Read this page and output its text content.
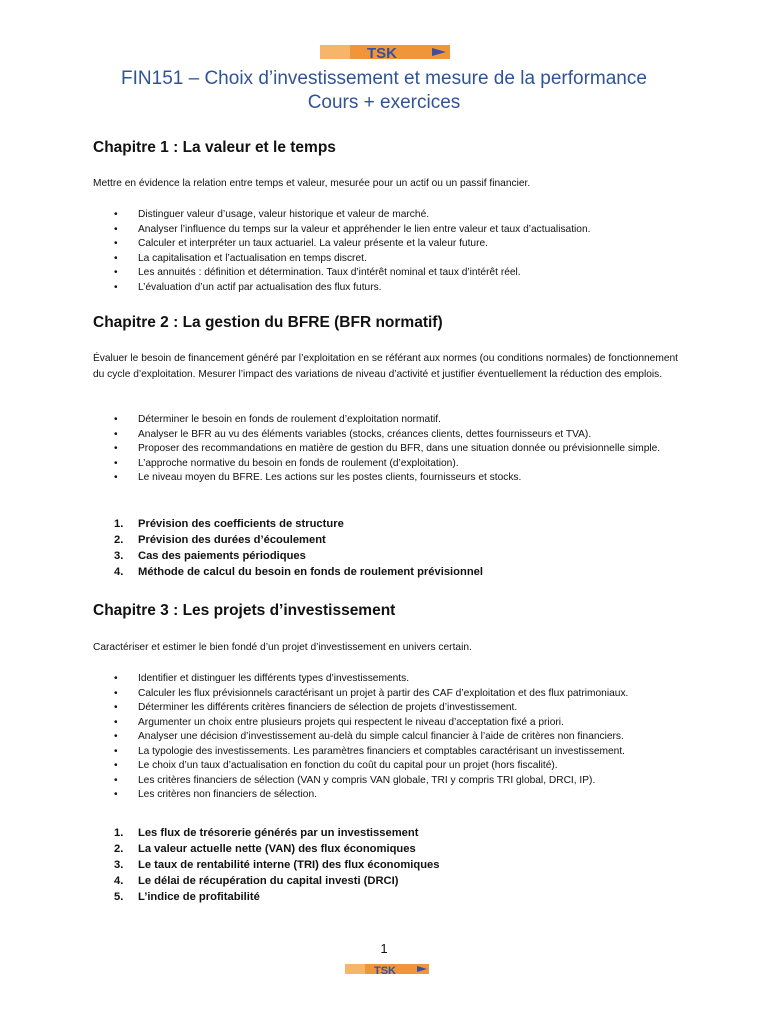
TSK
FIN151 – Choix d’investissement et mesure de la performance
Cours + exercices
Chapitre 1 : La valeur et le temps

Mettre en évidence la relation entre temps et valeur, mesurée pour un actif ou un passif financier.

• Distinguer valeur d’usage, valeur historique et valeur de marché.
• Analyser l’influence du temps sur la valeur et appréhender le lien entre valeur et taux d’actualisation.
• Calculer et interpréter un taux actuariel. La valeur présente et la valeur future.
• La capitalisation et l’actualisation en temps discret.
• Les annuités : définition et détermination. Taux d’intérêt nominal et taux d’intérêt réel.
• L’évaluation d’un actif par actualisation des flux futurs.
Chapitre 2 : La gestion du BFRE (BFR normatif)

Évaluer le besoin de financement généré par l’exploitation en se référant aux normes (ou conditions normales) de fonctionnement du cycle d’exploitation. Mesurer l’impact des variations de niveau d’activité et justifier éventuellement la réduction des emplois.

• Déterminer le besoin en fonds de roulement d’exploitation normatif.
• Analyser le BFR au vu des éléments variables (stocks, créances clients, dettes fournisseurs et TVA).
• Proposer des recommandations en matière de gestion du BFR, dans une situation donnée ou prévisionnelle simple.
• L’approche normative du besoin en fonds de roulement (d’exploitation).
• Le niveau moyen du BFRE. Les actions sur les postes clients, fournisseurs et stocks.
1. Prévision des coefficients de structure
2. Prévision des durées d’écoulement
3. Cas des paiements périodiques
4. Méthode de calcul du besoin en fonds de roulement prévisionnel
Chapitre 3 : Les projets d’investissement

Caractériser et estimer le bien fondé d’un projet d’investissement en univers certain.

• Identifier et distinguer les différents types d’investissements.
• Calculer les flux prévisionnels caractérisant un projet à partir des CAF d’exploitation et des flux patrimoniaux.
• Déterminer les différents critères financiers de sélection de projets d’investissement.
• Argumenter un choix entre plusieurs projets qui respectent le niveau d’acceptation fixé a priori.
• Analyser une décision d’investissement au-delà du simple calcul financier à l’aide de critères non financiers.
• La typologie des investissements. Les paramètres financiers et comptables caractérisant un investissement.
• Le choix d’un taux d’actualisation en fonction du coût du capital pour un projet (hors fiscalité).
• Les critères financiers de sélection (VAN y compris VAN globale, TRI y compris TRI global, DRCI, IP).
• Les critères non financiers de sélection.
1. Les flux de trésorerie générés par un investissement
2. La valeur actuelle nette (VAN) des flux économiques
3. Le taux de rentabilité interne (TRI) des flux économiques
4. Le délai de récupération du capital investi (DRCI)
5. L’indice de profitabilité
1
TSK
